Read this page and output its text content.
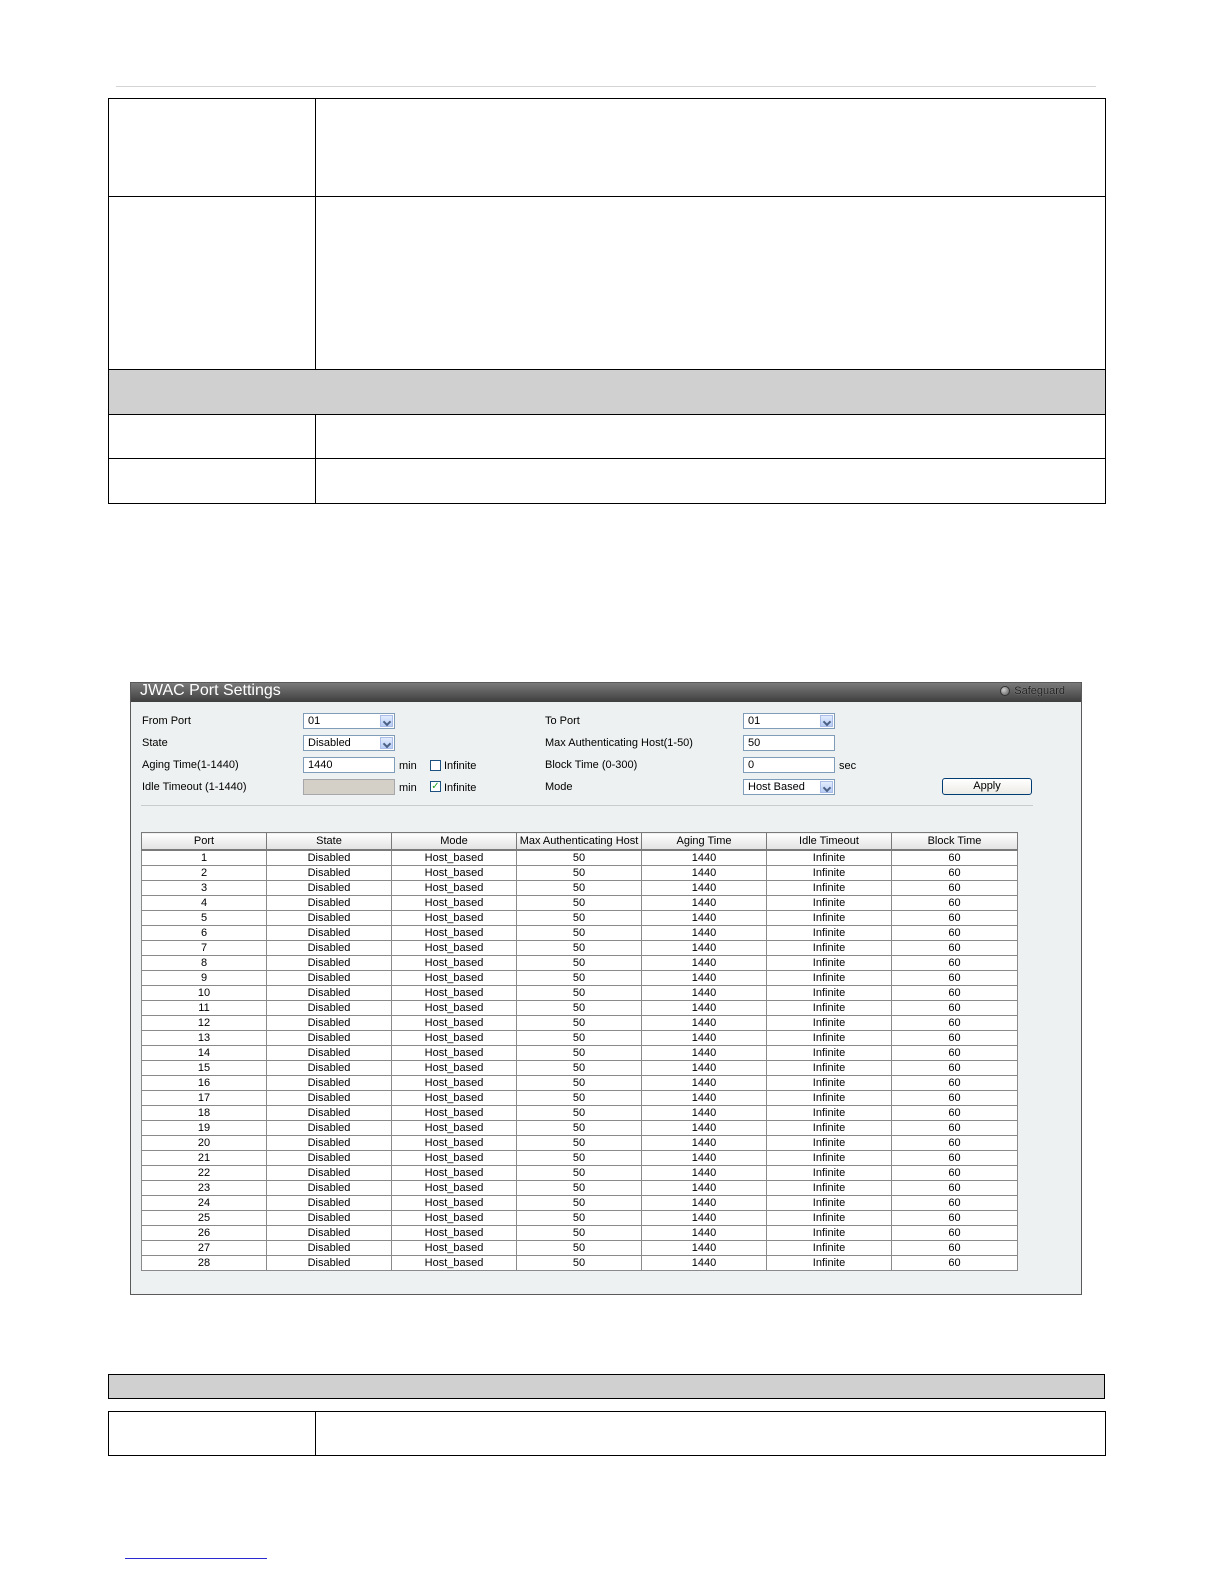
JWAC Port Settings	Safeguard
From Port	01
State	Disabled
Aging Time(1-1440)	1440	min Infinite
Idle Timeout (1-1440)	min ✓ Infinite
To Port	01
Max Authenticating Host(1-50)	50
Block Time (0-300)	0	sec
Mode	Host Based	Apply
Port	State	Mode	Max Authenticating Host	Aging Time	Idle Timeout	Block Time
1	Disabled	Host_based	50	1440	Infinite	60
2	Disabled	Host_based	50	1440	Infinite	60
3	Disabled	Host_based	50	1440	Infinite	60
4	Disabled	Host_based	50	1440	Infinite	60
5	Disabled	Host_based	50	1440	Infinite	60
6	Disabled	Host_based	50	1440	Infinite	60
7	Disabled	Host_based	50	1440	Infinite	60
8	Disabled	Host_based	50	1440	Infinite	60
9	Disabled	Host_based	50	1440	Infinite	60
10	Disabled	Host_based	50	1440	Infinite	60
11	Disabled	Host_based	50	1440	Infinite	60
12	Disabled	Host_based	50	1440	Infinite	60
13	Disabled	Host_based	50	1440	Infinite	60
14	Disabled	Host_based	50	1440	Infinite	60
15	Disabled	Host_based	50	1440	Infinite	60
16	Disabled	Host_based	50	1440	Infinite	60
17	Disabled	Host_based	50	1440	Infinite	60
18	Disabled	Host_based	50	1440	Infinite	60
19	Disabled	Host_based	50	1440	Infinite	60
20	Disabled	Host_based	50	1440	Infinite	60
21	Disabled	Host_based	50	1440	Infinite	60
22	Disabled	Host_based	50	1440	Infinite	60
23	Disabled	Host_based	50	1440	Infinite	60
24	Disabled	Host_based	50	1440	Infinite	60
25	Disabled	Host_based	50	1440	Infinite	60
26	Disabled	Host_based	50	1440	Infinite	60
27	Disabled	Host_based	50	1440	Infinite	60
28	Disabled	Host_based	50	1440	Infinite	60
